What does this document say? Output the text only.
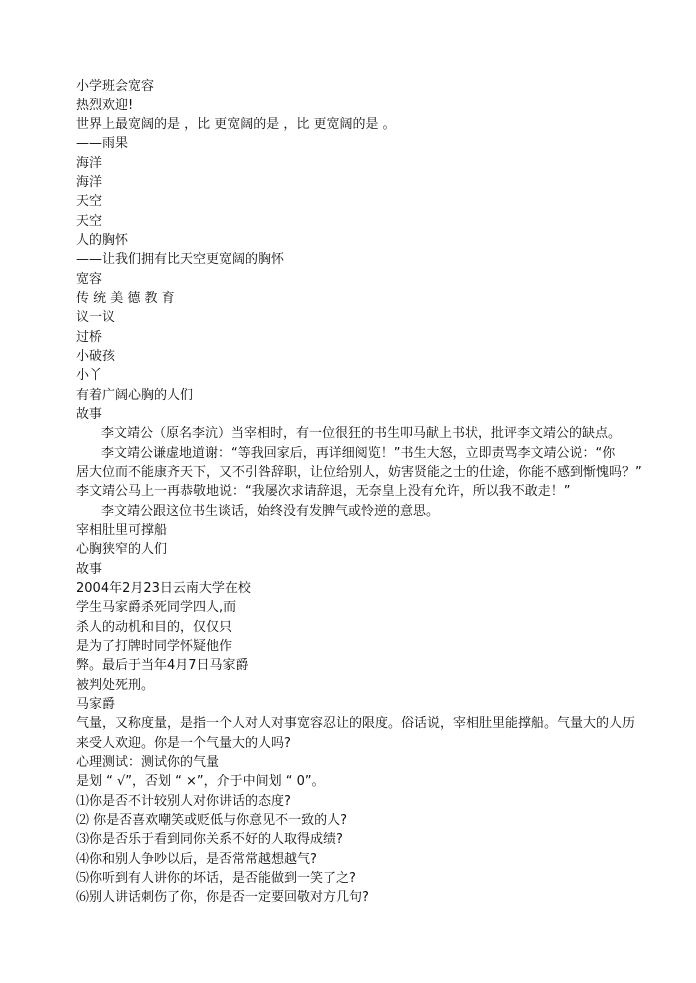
小学班会宽容
热烈欢迎!
世界上最宽阔的是 ，比 更宽阔的是 ，比 更宽阔的是 。
——雨果
海洋
海洋
天空
天空
人的胸怀
——让我们拥有比天空更宽阔的胸怀
宽容
传 统 美 德 教 育
议一议
过桥
小破孩
小丫
有着广阔心胸的人们
故事
李文靖公（原名李沆）当宰相时，有一位很狂的书生叩马献上书状，批评李文靖公的缺点。
李文靖公谦虚地道谢：“等我回家后，再详细阅览！”书生大怒，立即责骂李文靖公说：“你
居大位而不能康齐天下，又不引咎辞职，让位给别人，妨害贤能之士的仕途，你能不感到惭愧吗？”
李文靖公马上一再恭敬地说：“我屡次求请辞退，无奈皇上没有允许，所以我不敢走！”
李文靖公跟这位书生谈话，始终没有发脾气或怜逆的意思。
宰相肚里可撑船
心胸狭窄的人们
故事
2004年2月23日云南大学在校
学生马家爵杀死同学四人,而
杀人的动机和目的，仅仅只
是为了打牌时同学怀疑他作
弊。最后于当年4月7日马家爵
被判处死刑。
马家爵
气量，又称度量，是指一个人对人对事宽容忍让的限度。俗话说，宰相肚里能撑船。气量大的人历
来受人欢迎。你是一个气量大的人吗?
心理测试：测试你的气量
是划 “ √”，否划 “ ×”，介于中间划 “ 0”。
⑴你是否不计较别人对你讲话的态度?
⑵ 你是否喜欢嘲笑或贬低与你意见不一致的人?
⑶你是否乐于看到同你关系不好的人取得成绩?
⑷你和别人争吵以后，是否常常越想越气?
⑸你听到有人讲你的坏话，是否能做到一笑了之?
⑹别人讲话刺伤了你，你是否一定要回敬对方几句?
